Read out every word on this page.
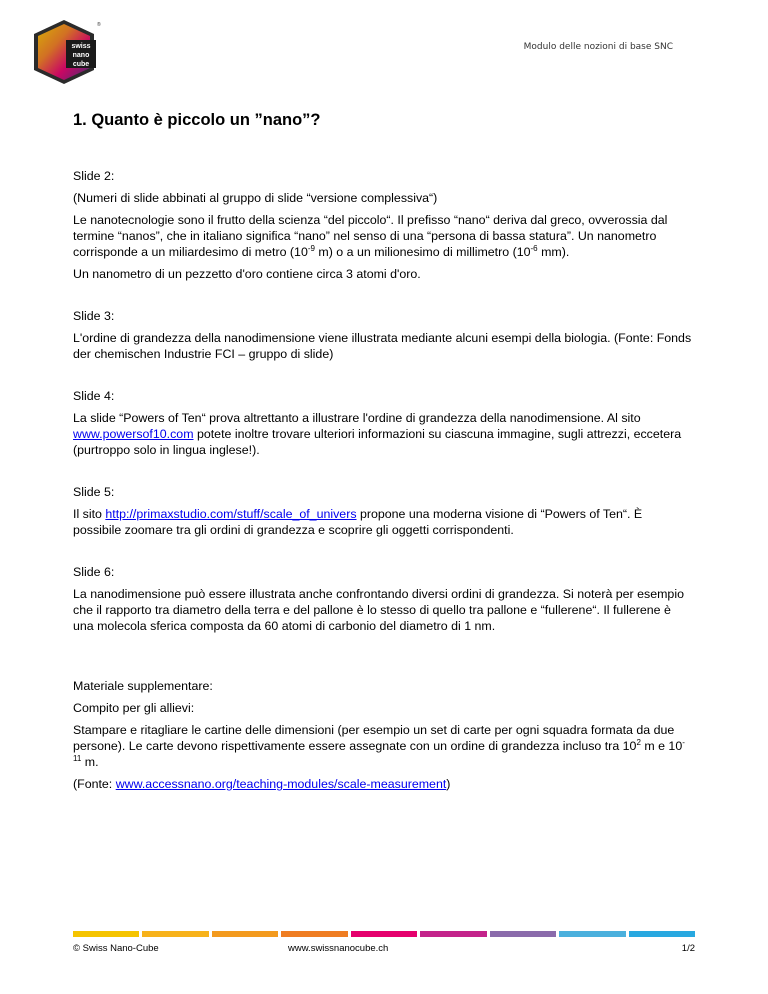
swiss
nano
cube
®
Modulo delle nozioni di base SNC
1. Quanto è piccolo un ”nano”?

Slide 2:

(Numeri di slide abbinati al gruppo di slide “versione complessiva“)

Le nanotecnologie sono il frutto della scienza “del piccolo“. Il prefisso “nano“ deriva dal greco, ovverossia dal termine “nanos”, che in italiano significa “nano” nel senso di una “persona di bassa statura”. Un nanometro corrisponde a un miliardesimo di metro ($10^{-9}$ m) o a un milionesimo di millimetro ($10^{-6}$ mm).

Un nanometro di un pezzetto d'oro contiene circa 3 atomi d'oro.

Slide 3:

L'ordine di grandezza della nanodimensione viene illustrata mediante alcuni esempi della biologia. (Fonte: Fonds der chemischen Industrie FCI – gruppo di slide)

Slide 4:

La slide “Powers of Ten“ prova altrettanto a illustrare l'ordine di grandezza della nanodimensione. Al sito www.powersof10.com potete inoltre trovare ulteriori informazioni su ciascuna immagine, sugli attrezzi, eccetera (purtroppo solo in lingua inglese!).

Slide 5:

Il sito http://primaxstudio.com/stuff/scale_of_univers propone una moderna visione di “Powers of Ten“. È possibile zoomare tra gli ordini di grandezza e scoprire gli oggetti corrispondenti.

Slide 6:

La nanodimensione può essere illustrata anche confrontando diversi ordini di grandezza. Si noterà per esempio che il rapporto tra diametro della terra e del pallone è lo stesso di quello tra pallone e “fullerene“. Il fullerene è una molecola sferica composta da 60 atomi di carbonio del diametro di 1 nm.

Materiale supplementare:

Compito per gli allievi:

Stampare e ritagliare le cartine delle dimensioni (per esempio un set di carte per ogni squadra formata da due persone). Le carte devono rispettivamente essere assegnate con un ordine di grandezza incluso tra $10^2$ m e $10^{-11}$ m.

(Fonte: www.accessnano.org/teaching-modules/scale-measurement)

© Swiss Nano-Cube	www.swissnanocube.ch	1/2
